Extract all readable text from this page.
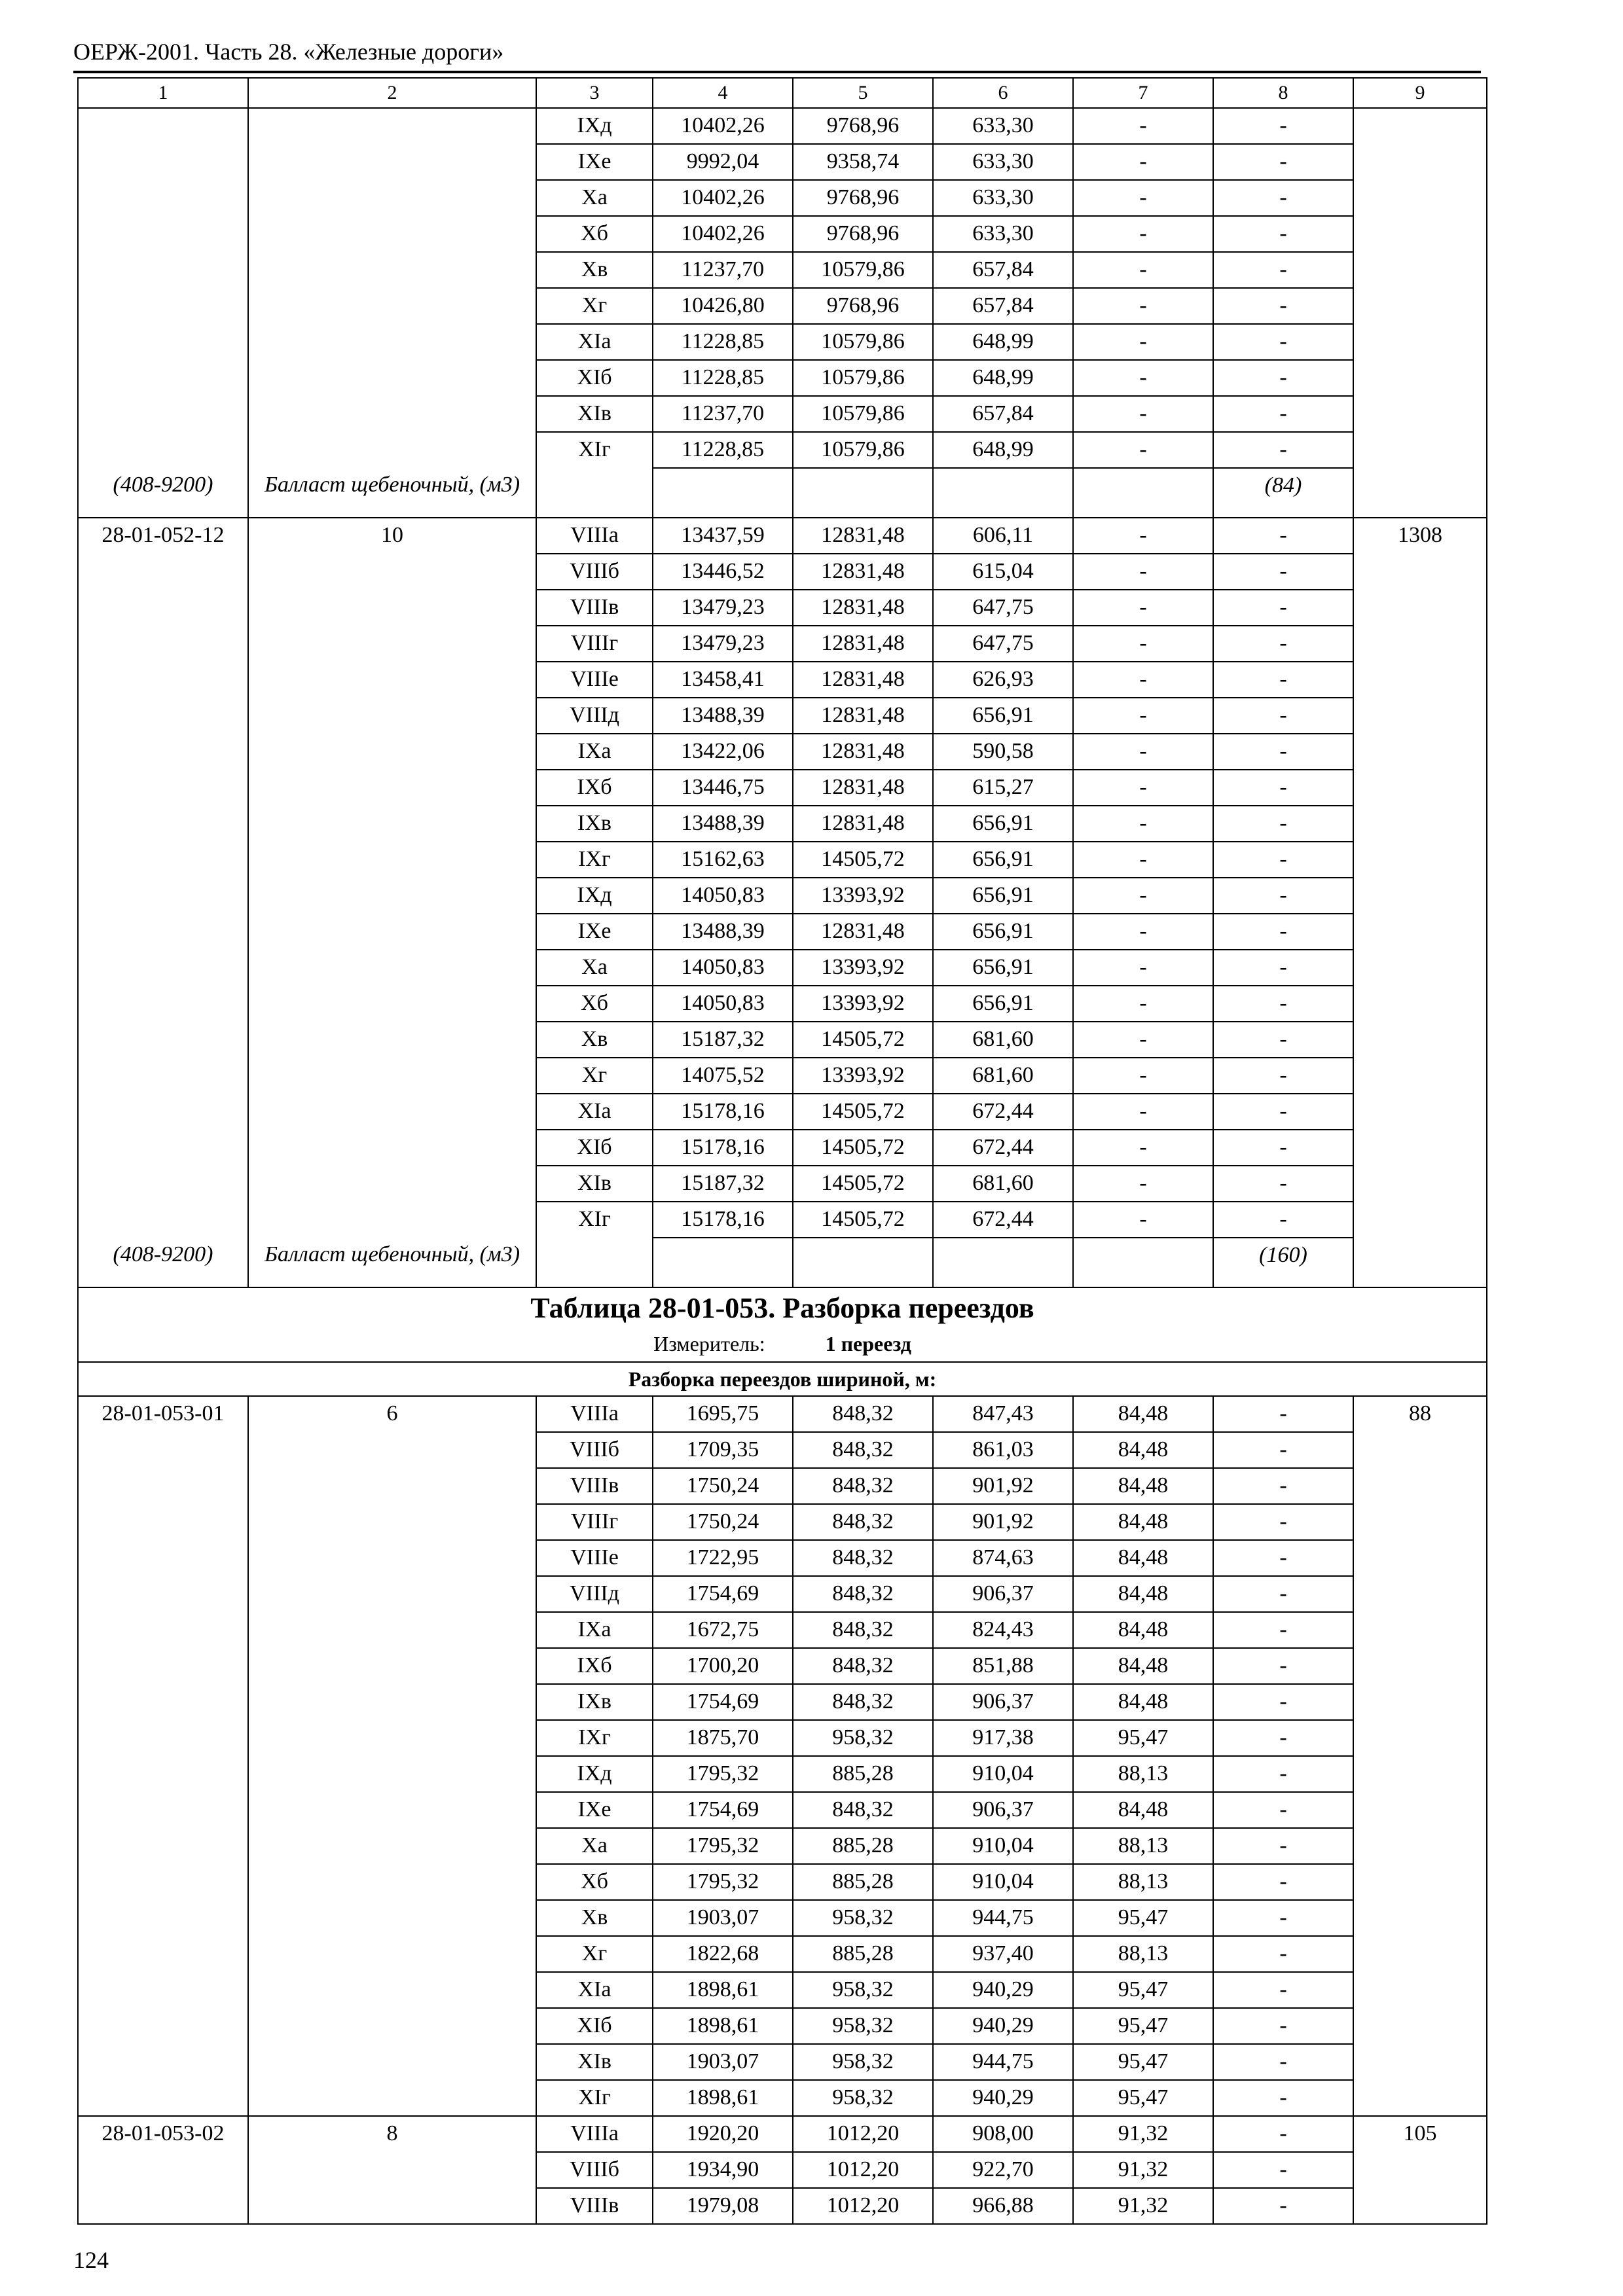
ОЕРЖ-2001. Часть 28. «Железные дороги»
1	2	3	4	5	6	7	8	9
		IXд	10402,26	9768,96	633,30	-	-	
		IXе	9992,04	9358,74	633,30	-	-	
		Xа	10402,26	9768,96	633,30	-	-	
		Xб	10402,26	9768,96	633,30	-	-	
		Xв	11237,70	10579,86	657,84	-	-	
		Xг	10426,80	9768,96	657,84	-	-	
		XIа	11228,85	10579,86	648,99	-	-	
		XIб	11228,85	10579,86	648,99	-	-	
		XIв	11237,70	10579,86	657,84	-	-	
		XIг	11228,85	10579,86	648,99	-	-	
(408-9200)	Балласт щебеночный, (м3)						(84)	
28-01-052-12	10	VIIIа	13437,59	12831,48	606,11	-	-	1308
		VIIIб	13446,52	12831,48	615,04	-	-	
		VIIIв	13479,23	12831,48	647,75	-	-	
		VIIIг	13479,23	12831,48	647,75	-	-	
		VIIIе	13458,41	12831,48	626,93	-	-	
		VIIIд	13488,39	12831,48	656,91	-	-	
		IXа	13422,06	12831,48	590,58	-	-	
		IXб	13446,75	12831,48	615,27	-	-	
		IXв	13488,39	12831,48	656,91	-	-	
		IXг	15162,63	14505,72	656,91	-	-	
		IXд	14050,83	13393,92	656,91	-	-	
		IXе	13488,39	12831,48	656,91	-	-	
		Xа	14050,83	13393,92	656,91	-	-	
		Xб	14050,83	13393,92	656,91	-	-	
		Xв	15187,32	14505,72	681,60	-	-	
		Xг	14075,52	13393,92	681,60	-	-	
		XIа	15178,16	14505,72	672,44	-	-	
		XIб	15178,16	14505,72	672,44	-	-	
		XIв	15187,32	14505,72	681,60	-	-	
		XIг	15178,16	14505,72	672,44	-	-	
(408-9200)	Балласт щебеночный, (м3)						(160)	
Таблица 28-01-053. Разборка переездов								
Измеритель: 1 переезд								
Разборка переездов шириной, м:								
28-01-053-01	6	VIIIа	1695,75	848,32	847,43	84,48	-	88
		VIIIб	1709,35	848,32	861,03	84,48	-	
		VIIIв	1750,24	848,32	901,92	84,48	-	
		VIIIг	1750,24	848,32	901,92	84,48	-	
		VIIIе	1722,95	848,32	874,63	84,48	-	
		VIIIд	1754,69	848,32	906,37	84,48	-	
		IXа	1672,75	848,32	824,43	84,48	-	
		IXб	1700,20	848,32	851,88	84,48	-	
		IXв	1754,69	848,32	906,37	84,48	-	
		IXг	1875,70	958,32	917,38	95,47	-	
		IXд	1795,32	885,28	910,04	88,13	-	
		IXе	1754,69	848,32	906,37	84,48	-	
		Xа	1795,32	885,28	910,04	88,13	-	
		Xб	1795,32	885,28	910,04	88,13	-	
		Xв	1903,07	958,32	944,75	95,47	-	
		Xг	1822,68	885,28	937,40	88,13	-	
		XIа	1898,61	958,32	940,29	95,47	-	
		XIб	1898,61	958,32	940,29	95,47	-	
		XIв	1903,07	958,32	944,75	95,47	-	
		XIг	1898,61	958,32	940,29	95,47	-	
28-01-053-02	8	VIIIа	1920,20	1012,20	908,00	91,32	-	105
		VIIIб	1934,90	1012,20	922,70	91,32	-	
		VIIIв	1979,08	1012,20	966,88	91,32	-	
124
